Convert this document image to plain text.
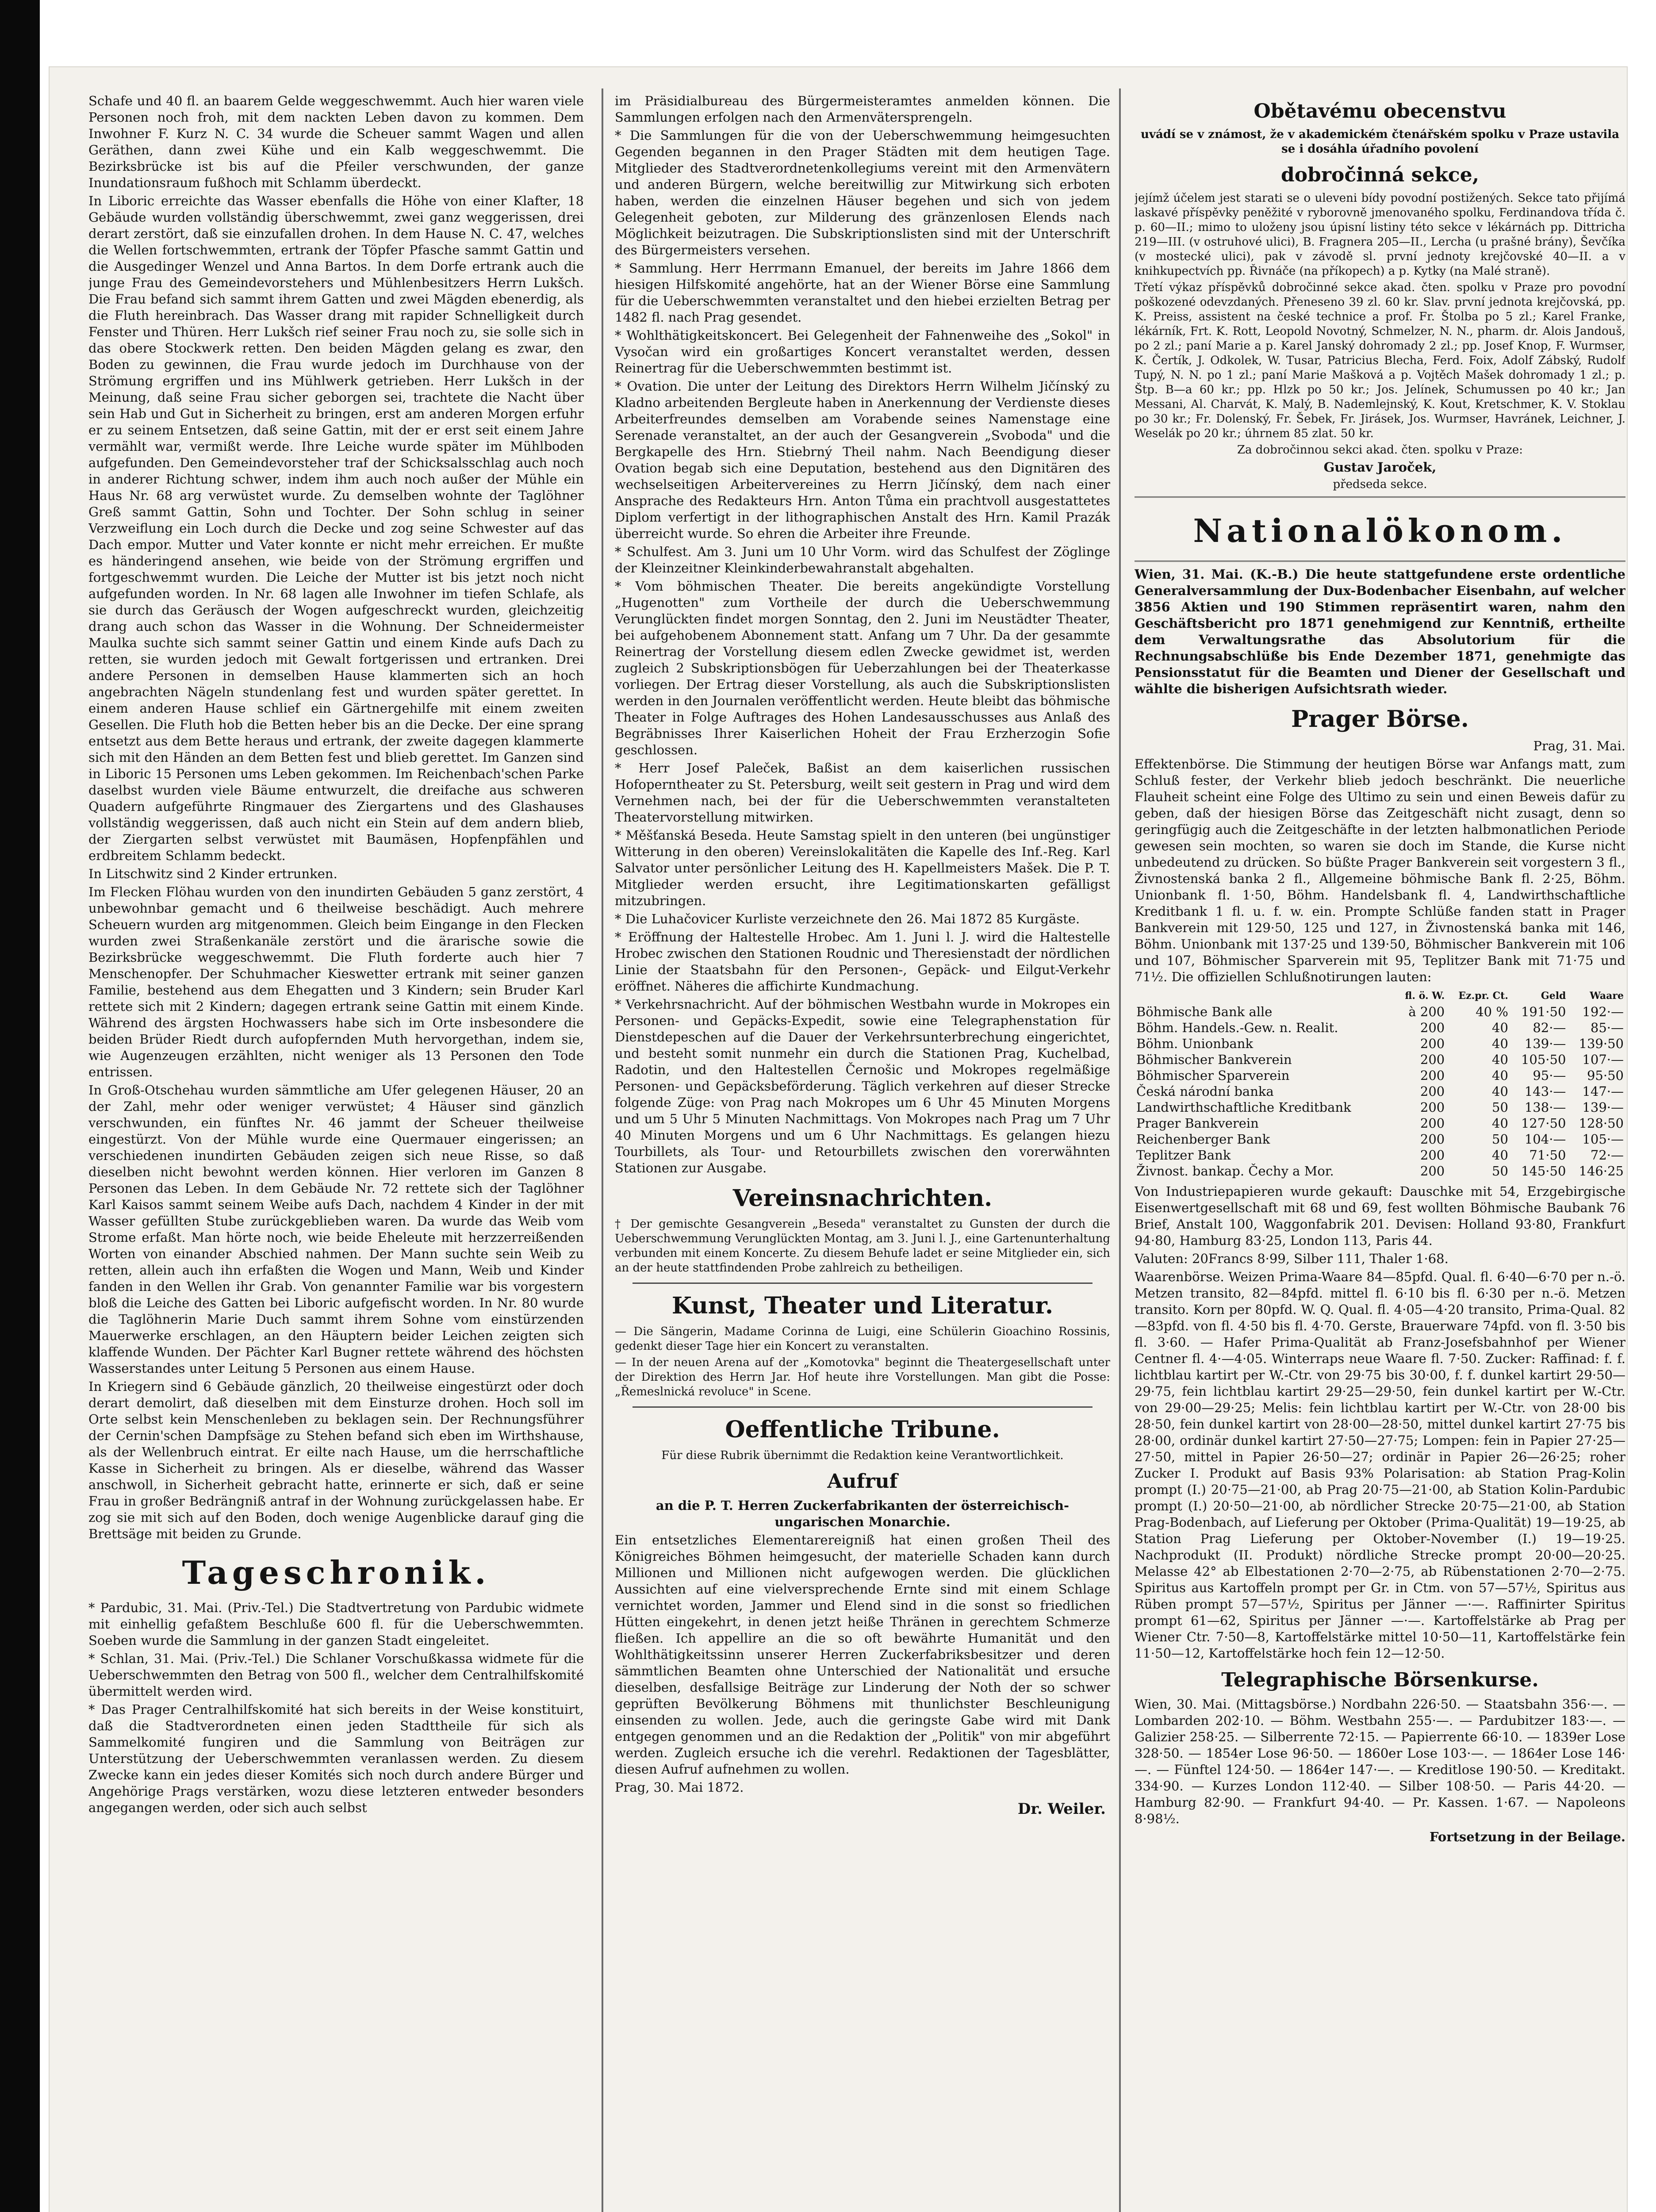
Schafe und 40 fl. an baarem Gelde weggeschwemmt. Auch hier waren viele Personen noch froh, mit dem nackten Leben davon zu kommen. Dem Inwohner F. Kurz N. C. 34 wurde die Scheuer sammt Wagen und allen Geräthen, dann zwei Kühe und ein Kalb weggeschwemmt. Die Bezirksbrücke ist bis auf die Pfeiler verschwunden, der ganze Inundationsraum fußhoch mit Schlamm überdeckt.

In Liboric erreichte das Wasser ebenfalls die Höhe von einer Klafter, 18 Gebäude wurden vollständig überschwemmt, zwei ganz weggerissen, drei derart zerstört, daß sie einzufallen drohen. In dem Hause N. C. 47, welches die Wellen fortschwemmten, ertrank der Töpfer Pfasche sammt Gattin und die Ausgedinger Wenzel und Anna Bartos. In dem Dorfe ertrank auch die junge Frau des Gemeindevorstehers und Mühlenbesitzers Herrn Lukšch. Die Frau befand sich sammt ihrem Gatten und zwei Mägden ebenerdig, als die Fluth hereinbrach. Das Wasser drang mit rapider Schnelligkeit durch Fenster und Thüren. Herr Lukšch rief seiner Frau noch zu, sie solle sich in das obere Stockwerk retten. Den beiden Mägden gelang es zwar, den Boden zu gewinnen, die Frau wurde jedoch im Durchhause von der Strömung ergriffen und ins Mühlwerk getrieben. Herr Lukšch in der Meinung, daß seine Frau sicher geborgen sei, trachtete die Nacht über sein Hab und Gut in Sicherheit zu bringen, erst am anderen Morgen erfuhr er zu seinem Entsetzen, daß seine Gattin, mit der er erst seit einem Jahre vermählt war, vermißt werde. Ihre Leiche wurde später im Mühlboden aufgefunden. Den Gemeindevorsteher traf der Schicksalsschlag auch noch in anderer Richtung schwer, indem ihm auch noch außer der Mühle ein Haus Nr. 68 arg verwüstet wurde. Zu demselben wohnte der Taglöhner Greß sammt Gattin, Sohn und Tochter. Der Sohn schlug in seiner Verzweiflung ein Loch durch die Decke und zog seine Schwester auf das Dach empor. Mutter und Vater konnte er nicht mehr erreichen. Er mußte es händeringend ansehen, wie beide von der Strömung ergriffen und fortgeschwemmt wurden. Die Leiche der Mutter ist bis jetzt noch nicht aufgefunden worden. In Nr. 68 lagen alle Inwohner im tiefen Schlafe, als sie durch das Geräusch der Wogen aufgeschreckt wurden, gleichzeitig drang auch schon das Wasser in die Wohnung. Der Schneidermeister Maulka suchte sich sammt seiner Gattin und einem Kinde aufs Dach zu retten, sie wurden jedoch mit Gewalt fortgerissen und ertranken. Drei andere Personen in demselben Hause klammerten sich an hoch angebrachten Nägeln stundenlang fest und wurden später gerettet. In einem anderen Hause schlief ein Gärtnergehilfe mit einem zweiten Gesellen. Die Fluth hob die Betten heber bis an die Decke. Der eine sprang entsetzt aus dem Bette heraus und ertrank, der zweite dagegen klammerte sich mit den Händen an dem Betten fest und blieb gerettet. Im Ganzen sind in Liboric 15 Personen ums Leben gekommen. Im Reichenbach'schen Parke daselbst wurden viele Bäume entwurzelt, die dreifache aus schweren Quadern aufgeführte Ringmauer des Ziergartens und des Glashauses vollständig weggerissen, daß auch nicht ein Stein auf dem andern blieb, der Ziergarten selbst verwüstet mit Baumäsen, Hopfenpfählen und erdbreitem Schlamm bedeckt.

In Litschwitz sind 2 Kinder ertrunken.

Im Flecken Flöhau wurden von den inundirten Gebäuden 5 ganz zerstört, 4 unbewohnbar gemacht und 6 theilweise beschädigt. Auch mehrere Scheuern wurden arg mitgenommen. Gleich beim Eingange in den Flecken wurden zwei Straßenkanäle zerstört und die ärarische sowie die Bezirksbrücke weggeschwemmt. Die Fluth forderte auch hier 7 Menschenopfer. Der Schuhmacher Kieswetter ertrank mit seiner ganzen Familie, bestehend aus dem Ehegatten und 3 Kindern; sein Bruder Karl rettete sich mit 2 Kindern; dagegen ertrank seine Gattin mit einem Kinde. Während des ärgsten Hochwassers habe sich im Orte insbesondere die beiden Brüder Riedt durch aufopfernden Muth hervorgethan, indem sie, wie Augenzeugen erzählten, nicht weniger als 13 Personen den Tode entrissen.

In Groß-Otschehau wurden sämmtliche am Ufer gelegenen Häuser, 20 an der Zahl, mehr oder weniger verwüstet; 4 Häuser sind gänzlich verschwunden, ein fünftes Nr. 46 jammt der Scheuer theilweise eingestürzt. Von der Mühle wurde eine Quermauer eingerissen; an verschiedenen inundirten Gebäuden zeigen sich neue Risse, so daß dieselben nicht bewohnt werden können. Hier verloren im Ganzen 8 Personen das Leben. In dem Gebäude Nr. 72 rettete sich der Taglöhner Karl Kaisos sammt seinem Weibe aufs Dach, nachdem 4 Kinder in der mit Wasser gefüllten Stube zurückgeblieben waren. Da wurde das Weib vom Strome erfaßt. Man hörte noch, wie beide Eheleute mit herzzerreißenden Worten von einander Abschied nahmen. Der Mann suchte sein Weib zu retten, allein auch ihn erfaßten die Wogen und Mann, Weib und Kinder fanden in den Wellen ihr Grab. Von genannter Familie war bis vorgestern bloß die Leiche des Gatten bei Liboric aufgefischt worden. In Nr. 80 wurde die Taglöhnerin Marie Duch sammt ihrem Sohne vom einstürzenden Mauerwerke erschlagen, an den Häuptern beider Leichen zeigten sich klaffende Wunden. Der Pächter Karl Bugner rettete während des höchsten Wasserstandes unter Leitung 5 Personen aus einem Hause.

In Kriegern sind 6 Gebäude gänzlich, 20 theilweise eingestürzt oder doch derart demolirt, daß dieselben mit dem Einsturze drohen. Hoch soll im Orte selbst kein Menschenleben zu beklagen sein. Der Rechnungsführer der Cernin'schen Dampfsäge zu Stehen befand sich eben im Wirthshause, als der Wellenbruch eintrat. Er eilte nach Hause, um die herrschaftliche Kasse in Sicherheit zu bringen. Als er dieselbe, während das Wasser anschwoll, in Sicherheit gebracht hatte, erinnerte er sich, daß er seine Frau in großer Bedrängniß antraf in der Wohnung zurückgelassen habe. Er zog sie mit sich auf den Boden, doch wenige Augenblicke darauf ging die Brettsäge mit beiden zu Grunde.

Tageschronik.

* Pardubic, 31. Mai. (Priv.-Tel.) Die Stadtvertretung von Pardubic widmete mit einhellig gefaßtem Beschluße 600 fl. für die Ueberschwemmten. Soeben wurde die Sammlung in der ganzen Stadt eingeleitet.

* Schlan, 31. Mai. (Priv.-Tel.) Die Schlaner Vorschußkassa widmete für die Ueberschwemmten den Betrag von 500 fl., welcher dem Centralhilfskomité übermittelt werden wird.

* Das Prager Centralhilfskomité hat sich bereits in der Weise konstituirt, daß die Stadtverordneten einen jeden Stadttheile für sich als Sammelkomité fungiren und die Sammlung von Beiträgen zur Unterstützung der Ueberschwemmten veranlassen werden. Zu diesem Zwecke kann ein jedes dieser Komités sich noch durch andere Bürger und Angehörige Prags verstärken, wozu diese letzteren entweder besonders angegangen werden, oder sich auch selbst

im Präsidialbureau des Bürgermeisteramtes anmelden können. Die Sammlungen erfolgen nach den Armenvätersprengeln.

* Die Sammlungen für die von der Ueberschwemmung heimgesuchten Gegenden begannen in den Prager Städten mit dem heutigen Tage. Mitglieder des Stadtverordnetenkollegiums vereint mit den Armenvätern und anderen Bürgern, welche bereitwillig zur Mitwirkung sich erboten haben, werden die einzelnen Häuser begehen und sich von jedem Gelegenheit geboten, zur Milderung des gränzenlosen Elends nach Möglichkeit beizutragen. Die Subskriptionslisten sind mit der Unterschrift des Bürgermeisters versehen.

* Sammlung. Herr Herrmann Emanuel, der bereits im Jahre 1866 dem hiesigen Hilfskomité angehörte, hat an der Wiener Börse eine Sammlung für die Ueberschwemmten veranstaltet und den hiebei erzielten Betrag per 1482 fl. nach Prag gesendet.

* Wohlthätigkeitskoncert. Bei Gelegenheit der Fahnenweihe des „Sokol" in Vysočan wird ein großartiges Koncert veranstaltet werden, dessen Reinertrag für die Ueberschwemmten bestimmt ist.

* Ovation. Die unter der Leitung des Direktors Herrn Wilhelm Jičínský zu Kladno arbeitenden Bergleute haben in Anerkennung der Verdienste dieses Arbeiterfreundes demselben am Vorabende seines Namenstage eine Serenade veranstaltet, an der auch der Gesangverein „Svoboda" und die Bergkapelle des Hrn. Stiebrný Theil nahm. Nach Beendigung dieser Ovation begab sich eine Deputation, bestehend aus den Dignitären des wechselseitigen Arbeitervereines zu Herrn Jičínský, dem nach einer Ansprache des Redakteurs Hrn. Anton Tůma ein prachtvoll ausgestattetes Diplom verfertigt in der lithographischen Anstalt des Hrn. Kamil Prazák überreicht wurde. So ehren die Arbeiter ihre Freunde.

* Schulfest. Am 3. Juni um 10 Uhr Vorm. wird das Schulfest der Zöglinge der Kleinzeitner Kleinkinderbewahranstalt abgehalten.

* Vom böhmischen Theater. Die bereits angekündigte Vorstellung „Hugenotten" zum Vortheile der durch die Ueberschwemmung Verunglückten findet morgen Sonntag, den 2. Juni im Neustädter Theater, bei aufgehobenem Abonnement statt. Anfang um 7 Uhr. Da der gesammte Reinertrag der Vorstellung diesem edlen Zwecke gewidmet ist, werden zugleich 2 Subskriptionsbögen für Ueberzahlungen bei der Theaterkasse vorliegen. Der Ertrag dieser Vorstellung, als auch die Subskriptionslisten werden in den Journalen veröffentlicht werden. Heute bleibt das böhmische Theater in Folge Auftrages des Hohen Landesausschusses aus Anlaß des Begräbnisses Ihrer Kaiserlichen Hoheit der Frau Erzherzogin Sofie geschlossen.

* Herr Josef Paleček, Baßist an dem kaiserlichen russischen Hofoperntheater zu St. Petersburg, weilt seit gestern in Prag und wird dem Vernehmen nach, bei der für die Ueberschwemmten veranstalteten Theatervorstellung mitwirken.

* Měšťanská Beseda. Heute Samstag spielt in den unteren (bei ungünstiger Witterung in den oberen) Vereinslokalitäten die Kapelle des Inf.-Reg. Karl Salvator unter persönlicher Leitung des H. Kapellmeisters Mašek. Die P. T. Mitglieder werden ersucht, ihre Legitimationskarten gefälligst mitzubringen.

* Die Luhačovicer Kurliste verzeichnete den 26. Mai 1872 85 Kurgäste.

* Eröffnung der Haltestelle Hrobec. Am 1. Juni l. J. wird die Haltestelle Hrobec zwischen den Stationen Roudnic und Theresienstadt der nördlichen Linie der Staatsbahn für den Personen-, Gepäck- und Eilgut-Verkehr eröffnet. Näheres die affichirte Kundmachung.

* Verkehrsnachricht. Auf der böhmischen Westbahn wurde in Mokropes ein Personen- und Gepäcks-Expedit, sowie eine Telegraphenstation für Dienstdepeschen auf die Dauer der Verkehrsunterbrechung eingerichtet, und besteht somit nunmehr ein durch die Stationen Prag, Kuchelbad, Radotin, und den Haltestellen Černošic und Mokropes regelmäßige Personen- und Gepäcksbeförderung. Täglich verkehren auf dieser Strecke folgende Züge: von Prag nach Mokropes um 6 Uhr 45 Minuten Morgens und um 5 Uhr 5 Minuten Nachmittags. Von Mokropes nach Prag um 7 Uhr 40 Minuten Morgens und um 6 Uhr Nachmittags. Es gelangen hiezu Tourbillets, als Tour- und Retourbillets zwischen den vorerwähnten Stationen zur Ausgabe.

Vereinsnachrichten.

† Der gemischte Gesangverein „Beseda" veranstaltet zu Gunsten der durch die Ueberschwemmung Verunglückten Montag, am 3. Juni l. J., eine Gartenunterhaltung verbunden mit einem Koncerte. Zu diesem Behufe ladet er seine Mitglieder ein, sich an der heute stattfindenden Probe zahlreich zu betheiligen.

Kunst, Theater und Literatur.

— Die Sängerin, Madame Corinna de Luigi, eine Schülerin Gioachino Rossinis, gedenkt dieser Tage hier ein Koncert zu veranstalten.

— In der neuen Arena auf der „Komotovka" beginnt die Theatergesellschaft unter der Direktion des Herrn Jar. Hof heute ihre Vorstellungen. Man gibt die Posse: „Řemeslnická revoluce" in Scene.

Oeffentliche Tribune.

Für diese Rubrik übernimmt die Redaktion keine Verantwortlichkeit.

Aufruf

an die P. T. Herren Zuckerfabrikanten der österreichisch-ungarischen Monarchie.

Ein entsetzliches Elementarereigniß hat einen großen Theil des Königreiches Böhmen heimgesucht, der materielle Schaden kann durch Millionen und Millionen nicht aufgewogen werden. Die glücklichen Aussichten auf eine vielversprechende Ernte sind mit einem Schlage vernichtet worden, Jammer und Elend sind in die sonst so friedlichen Hütten eingekehrt, in denen jetzt heiße Thränen in gerechtem Schmerze fließen. Ich appellire an die so oft bewährte Humanität und den Wohlthätigkeitssinn unserer Herren Zuckerfabriksbesitzer und deren sämmtlichen Beamten ohne Unterschied der Nationalität und ersuche dieselben, desfallsige Beiträge zur Linderung der Noth der so schwer geprüften Bevölkerung Böhmens mit thunlichster Beschleunigung einsenden zu wollen. Jede, auch die geringste Gabe wird mit Dank entgegen genommen und an die Redaktion der „Politik" von mir abgeführt werden. Zugleich ersuche ich die verehrl. Redaktionen der Tagesblätter, diesen Aufruf aufnehmen zu wollen.

Prag, 30. Mai 1872.

Dr. Weiler.
Obětavému obecenstvu

uvádí se v známost, že v akademickém čtenářském spolku v Praze ustavila se i dosáhla úřadního povolení

dobročinná sekce,

jejímž účelem jest starati se o uleveni bídy povodní postižených. Sekce tato přijímá laskavé příspěvky peněžité v ryborovně jmenovaného spolku, Ferdinandova třída č. p. 60—II.; mimo to uloženy jsou úpisní listiny této sekce v lékárnách pp. Dittricha 219—III. (v ostruhové ulici), B. Fragnera 205—II., Lercha (u prašné brány), Ševčíka (v mostecké ulici), pak v závodě sl. první jednoty krejčovské 40—II. a v knihkupectvích pp. Řivnáče (na příkopech) a p. Kytky (na Malé straně).

Třetí výkaz příspěvků dobročinné sekce akad. čten. spolku v Praze pro povodní poškozené odevzdaných. Přeneseno 39 zl. 60 kr. Slav. první jednota krejčovská, pp. K. Preiss, assistent na české technice a prof. Fr. Štolba po 5 zl.; Karel Franke, lékárník, Frt. K. Rott, Leopold Novotný, Schmelzer, N. N., pharm. dr. Alois Jandouš, po 2 zl.; paní Marie a p. Karel Janský dohromady 2 zl.; pp. Josef Knop, F. Wurmser, K. Čertík, J. Odkolek, W. Tusar, Patricius Blecha, Ferd. Foix, Adolf Zábský, Rudolf Tupý, N. N. po 1 zl.; paní Marie Mašková a p. Vojtěch Mašek dohromady 1 zl.; p. Štp. B—a 60 kr.; pp. Hlzk po 50 kr.; Jos. Jelínek, Schumussen po 40 kr.; Jan Messani, Al. Charvát, K. Malý, B. Nademlejnský, K. Kout, Kretschmer, K. V. Stoklau po 30 kr.; Fr. Dolenský, Fr. Šebek, Fr. Jirásek, Jos. Wurmser, Havránek, Leichner, J. Weselák po 20 kr.; úhrnem 85 zlat. 50 kr.

Za dobročinnou sekci akad. čten. spolku v Praze:

Gustav Jaroček,

předseda sekce.

Nationalökonom.

Wien, 31. Mai. (K.-B.) Die heute stattgefundene erste ordentliche Generalversammlung der Dux-Bodenbacher Eisenbahn, auf welcher 3856 Aktien und 190 Stimmen repräsentirt waren, nahm den Geschäftsbericht pro 1871 genehmigend zur Kenntniß, ertheilte dem Verwaltungsrathe das Absolutorium für die Rechnungsabschlüße bis Ende Dezember 1871, genehmigte das Pensionsstatut für die Beamten und Diener der Gesellschaft und wählte die bisherigen Aufsichtsrath wieder.

Prager Börse.

Prag, 31. Mai.

Effektenbörse. Die Stimmung der heutigen Börse war Anfangs matt, zum Schluß fester, der Verkehr blieb jedoch beschränkt. Die neuerliche Flauheit scheint eine Folge des Ultimo zu sein und einen Beweis dafür zu geben, daß der hiesigen Börse das Zeitgeschäft nicht zusagt, denn so geringfügig auch die Zeitgeschäfte in der letzten halbmonatlichen Periode gewesen sein mochten, so waren sie doch im Stande, die Kurse nicht unbedeutend zu drücken. So büßte Prager Bankverein seit vorgestern 3 fl., Živnostenská banka 2 fl., Allgemeine böhmische Bank fl. 2·25, Böhm. Unionbank fl. 1·50, Böhm. Handelsbank fl. 4, Landwirthschaftliche Kreditbank 1 fl. u. f. w. ein. Prompte Schlüße fanden statt in Prager Bankverein mit 129·50, 125 und 127, in Živnostenská banka mit 146, Böhm. Unionbank mit 137·25 und 139·50, Böhmischer Bankverein mit 106 und 107, Böhmischer Sparverein mit 95, Teplitzer Bank mit 71·75 und 71½. Die offiziellen Schlußnotirungen lauten:

	fl. ö. W.	Ez.pr. Ct.	Geld	Waare
Böhmische Bank alle	à 200	40 %	191·50	192·—
Böhm. Handels.-Gew. n. Realit.	200	40	82·—	85·—
Böhm. Unionbank	200	40	139·—	139·50
Böhmischer Bankverein	200	40	105·50	107·—
Böhmischer Sparverein	200	40	95·—	95·50
Česká národní banka	200	40	143·—	147·—
Landwirthschaftliche Kreditbank	200	50	138·—	139·—
Prager Bankverein	200	40	127·50	128·50
Reichenberger Bank	200	50	104·—	105·—
Teplitzer Bank	200	40	71·50	72·—
Živnost. bankap. Čechy a Mor.	200	50	145·50	146·25

Von Industriepapieren wurde gekauft: Dauschke mit 54, Erzgebirgische Eisenwertgesellschaft mit 68 und 69, fest wollten Böhmische Baubank 76 Brief, Anstalt 100, Waggonfabrik 201. Devisen: Holland 93·80, Frankfurt 94·80, Hamburg 83·25, London 113, Paris 44.

Valuten: 20Francs 8·99, Silber 111, Thaler 1·68.

Waarenbörse. Weizen Prima-Waare 84—85pfd. Qual. fl. 6·40—6·70 per n.-ö. Metzen transito, 82—84pfd. mittel fl. 6·10 bis fl. 6·30 per n.-ö. Metzen transito. Korn per 80pfd. W. Q. Qual. fl. 4·05—4·20 transito, Prima-Qual. 82—83pfd. von fl. 4·50 bis fl. 4·70. Gerste, Brauerware 74pfd. von fl. 3·50 bis fl. 3·60. — Hafer Prima-Qualität ab Franz-Josefsbahnhof per Wiener Centner fl. 4·—4·05. Winterraps neue Waare fl. 7·50. Zucker: Raffinad: f. f. lichtblau kartirt per W.-Ctr. von 29·75 bis 30·00, f. f. dunkel kartirt 29·50—29·75, fein lichtblau kartirt 29·25—29·50, fein dunkel kartirt per W.-Ctr. von 29·00—29·25; Melis: fein lichtblau kartirt per W.-Ctr. von 28·00 bis 28·50, fein dunkel kartirt von 28·00—28·50, mittel dunkel kartirt 27·75 bis 28·00, ordinär dunkel kartirt 27·50—27·75; Lompen: fein in Papier 27·25—27·50, mittel in Papier 26·50—27; ordinär in Papier 26—26·25; roher Zucker I. Produkt auf Basis 93% Polarisation: ab Station Prag-Kolin prompt (I.) 20·75—21·00, ab Prag 20·75—21·00, ab Station Kolin-Pardubic prompt (I.) 20·50—21·00, ab nördlicher Strecke 20·75—21·00, ab Station Prag-Bodenbach, auf Lieferung per Oktober (Prima-Qualität) 19—19·25, ab Station Prag Lieferung per Oktober-November (I.) 19—19·25. Nachprodukt (II. Produkt) nördliche Strecke prompt 20·00—20·25. Melasse 42° ab Elbestationen 2·70—2·75, ab Rübenstationen 2·70—2·75. Spiritus aus Kartoffeln prompt per Gr. in Ctm. von 57—57½, Spiritus aus Rüben prompt 57—57½, Spiritus per Jänner —·—. Raffinirter Spiritus prompt 61—62, Spiritus per Jänner —·—. Kartoffelstärke ab Prag per Wiener Ctr. 7·50—8, Kartoffelstärke mittel 10·50—11, Kartoffelstärke fein 11·50—12, Kartoffelstärke hoch fein 12—12·50.

Telegraphische Börsenkurse.

Wien, 30. Mai. (Mittagsbörse.) Nordbahn 226·50. — Staatsbahn 356·—. — Lombarden 202·10. — Böhm. Westbahn 255·—. — Pardubitzer 183·—. — Galizier 258·25. — Silberrente 72·15. — Papierrente 66·10. — 1839er Lose 328·50. — 1854er Lose 96·50. — 1860er Lose 103·—. — 1864er Lose 146·—. — Fünftel 124·50. — 1864er 147·—. — Kreditlose 190·50. — Kreditakt. 334·90. — Kurzes London 112·40. — Silber 108·50. — Paris 44·20. — Hamburg 82·90. — Frankfurt 94·40. — Pr. Kassen. 1·67. — Napoleons 8·98½.

Fortsetzung in der Beilage.
